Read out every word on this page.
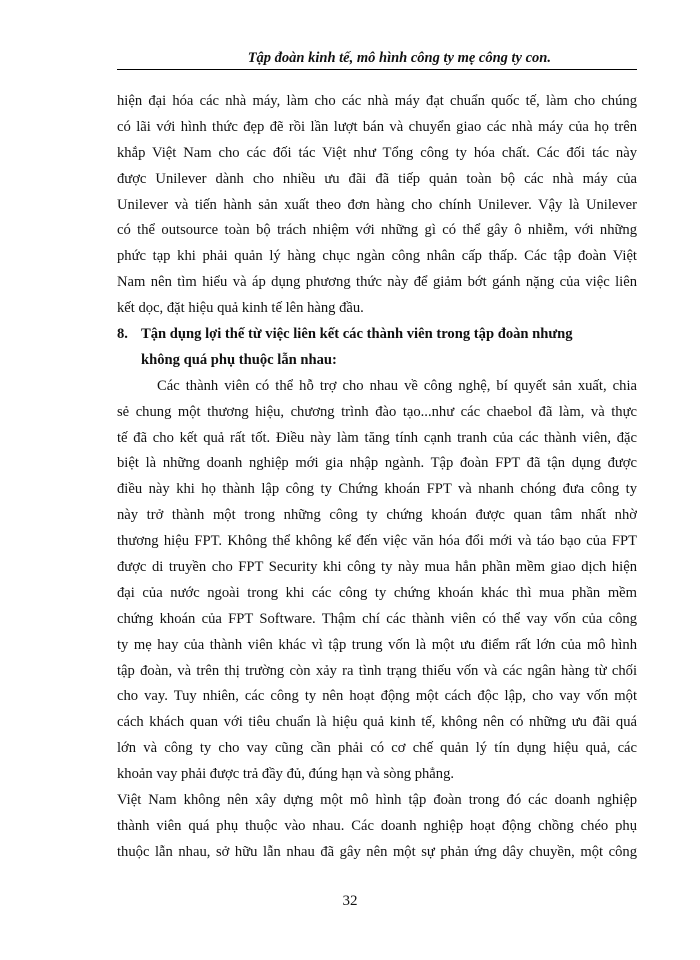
Tập đoàn kinh tế, mô hình công ty mẹ công ty con.
hiện đại hóa các nhà máy, làm cho các nhà máy đạt chuẩn quốc tế, làm cho chúng
có lãi với hình thức đẹp đẽ rồi lần lượt bán và chuyển giao các nhà máy của họ trên
khắp Việt Nam cho các đối tác Việt như Tổng công ty hóa chất. Các đối tác này
được Unilever dành cho nhiều ưu đãi đã tiếp quản toàn bộ các nhà máy của
Unilever và tiến hành sản xuất theo đơn hàng cho chính Unilever. Vậy là Unilever
có thể outsource toàn bộ trách nhiệm với những gì có thể gây ô nhiễm, với những
phức tạp khi phải quản lý hàng chục ngàn công nhân cấp thấp. Các tập đoàn Việt
Nam nên tìm hiểu và áp dụng phương thức này để giảm bớt gánh nặng của việc liên
kết dọc, đặt hiệu quả kinh tế lên hàng đầu.
8. Tận dụng lợi thế từ việc liên kết các thành viên trong tập đoàn nhưng
không quá phụ thuộc lẫn nhau:
Các thành viên có thể hỗ trợ cho nhau về công nghệ, bí quyết sản xuất, chia
sẻ chung một thương hiệu, chương trình đào tạo...như các chaebol đã làm, và thực
tế đã cho kết quả rất tốt. Điều này làm tăng tính cạnh tranh của các thành viên, đặc
biệt là những doanh nghiệp mới gia nhập ngành. Tập đoàn FPT đã tận dụng được
điều này khi họ thành lập công ty Chứng khoán FPT và nhanh chóng đưa công ty
này trở thành một trong những công ty chứng khoán được quan tâm nhất nhờ
thương hiệu FPT. Không thể không kể đến việc văn hóa đổi mới và táo bạo của FPT
được di truyền cho FPT Security khi công ty này mua hẳn phần mềm giao dịch hiện
đại của nước ngoài trong khi các công ty chứng khoán khác thì mua phần mềm
chứng khoán của FPT Software. Thậm chí các thành viên có thể vay vốn của công
ty mẹ hay của thành viên khác vì tập trung vốn là một ưu điểm rất lớn của mô hình
tập đoàn, và trên thị trường còn xảy ra tình trạng thiếu vốn và các ngân hàng từ chối
cho vay. Tuy nhiên, các công ty nên hoạt động một cách độc lập, cho vay vốn một
cách khách quan với tiêu chuẩn là hiệu quả kinh tế, không nên có những ưu đãi quá
lớn và công ty cho vay cũng cần phải có cơ chế quản lý tín dụng hiệu quả, các
khoản vay phải được trả đầy đủ, đúng hạn và sòng phẳng.
Việt Nam không nên xây dựng một mô hình tập đoàn trong đó các doanh nghiệp
thành viên quá phụ thuộc vào nhau. Các doanh nghiệp hoạt động chồng chéo phụ
thuộc lẫn nhau, sở hữu lẫn nhau đã gây nên một sự phản ứng dây chuyền, một công
32
